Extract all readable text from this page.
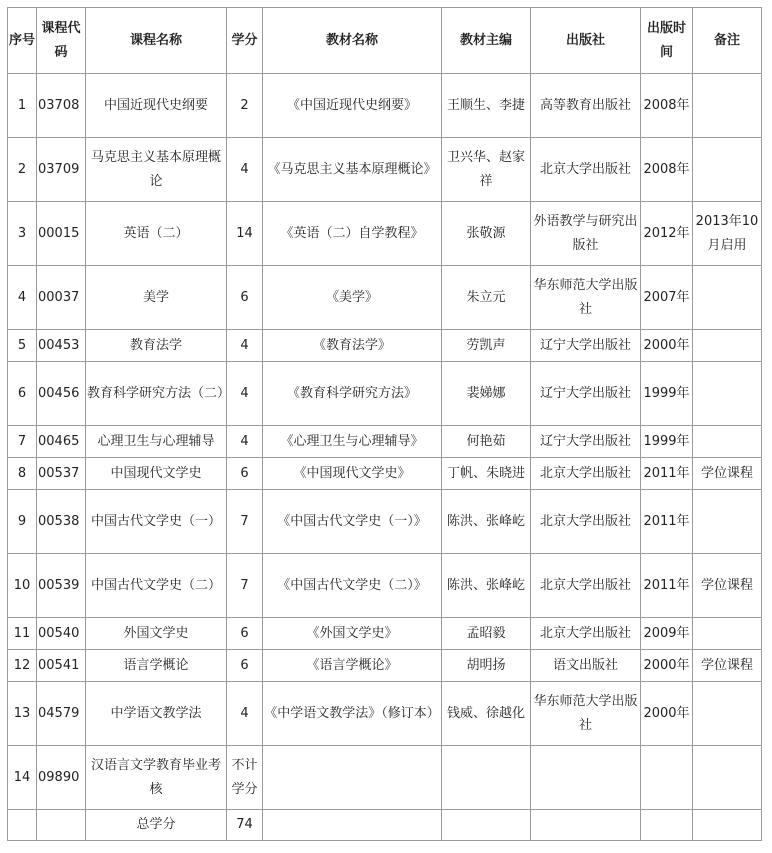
序号	课程代码	课程名称	学分	教材名称	教材主编	出版社	出版时间	备注
1	03708	中国近现代史纲要	2	《中国近现代史纲要》	王顺生、李捷	高等教育出版社	2008年	
2	03709	马克思主义基本原理概论	4	《马克思主义基本原理概论》	卫兴华、赵家祥	北京大学出版社	2008年	
3	00015	英语（二）	14	《英语（二）自学教程》	张敬源	外语教学与研究出版社	2012年	2013年10月启用
4	00037	美学	6	《美学》	朱立元	华东师范大学出版社	2007年	
5	00453	教育法学	4	《教育法学》	劳凯声	辽宁大学出版社	2000年	
6	00456	教育科学研究方法（二）	4	《教育科学研究方法》	裴娣娜	辽宁大学出版社	1999年	
7	00465	心理卫生与心理辅导	4	《心理卫生与心理辅导》	何艳茹	辽宁大学出版社	1999年	
8	00537	中国现代文学史	6	《中国现代文学史》	丁帆、朱晓进	北京大学出版社	2011年	学位课程
9	00538	中国古代文学史（一）	7	《中国古代文学史（一）》	陈洪、张峰屹	北京大学出版社	2011年	
10	00539	中国古代文学史（二）	7	《中国古代文学史（二）》	陈洪、张峰屹	北京大学出版社	2011年	学位课程
11	00540	外国文学史	6	《外国文学史》	孟昭毅	北京大学出版社	2009年	
12	00541	语言学概论	6	《语言学概论》	胡明扬	语文出版社	2000年	学位课程
13	04579	中学语文教学法	4	《中学语文教学法》（修订本）	钱威、徐越化	华东师范大学出版社	2000年	
14	09890	汉语言文学教育毕业考核	不计学分					
		总学分	74					
